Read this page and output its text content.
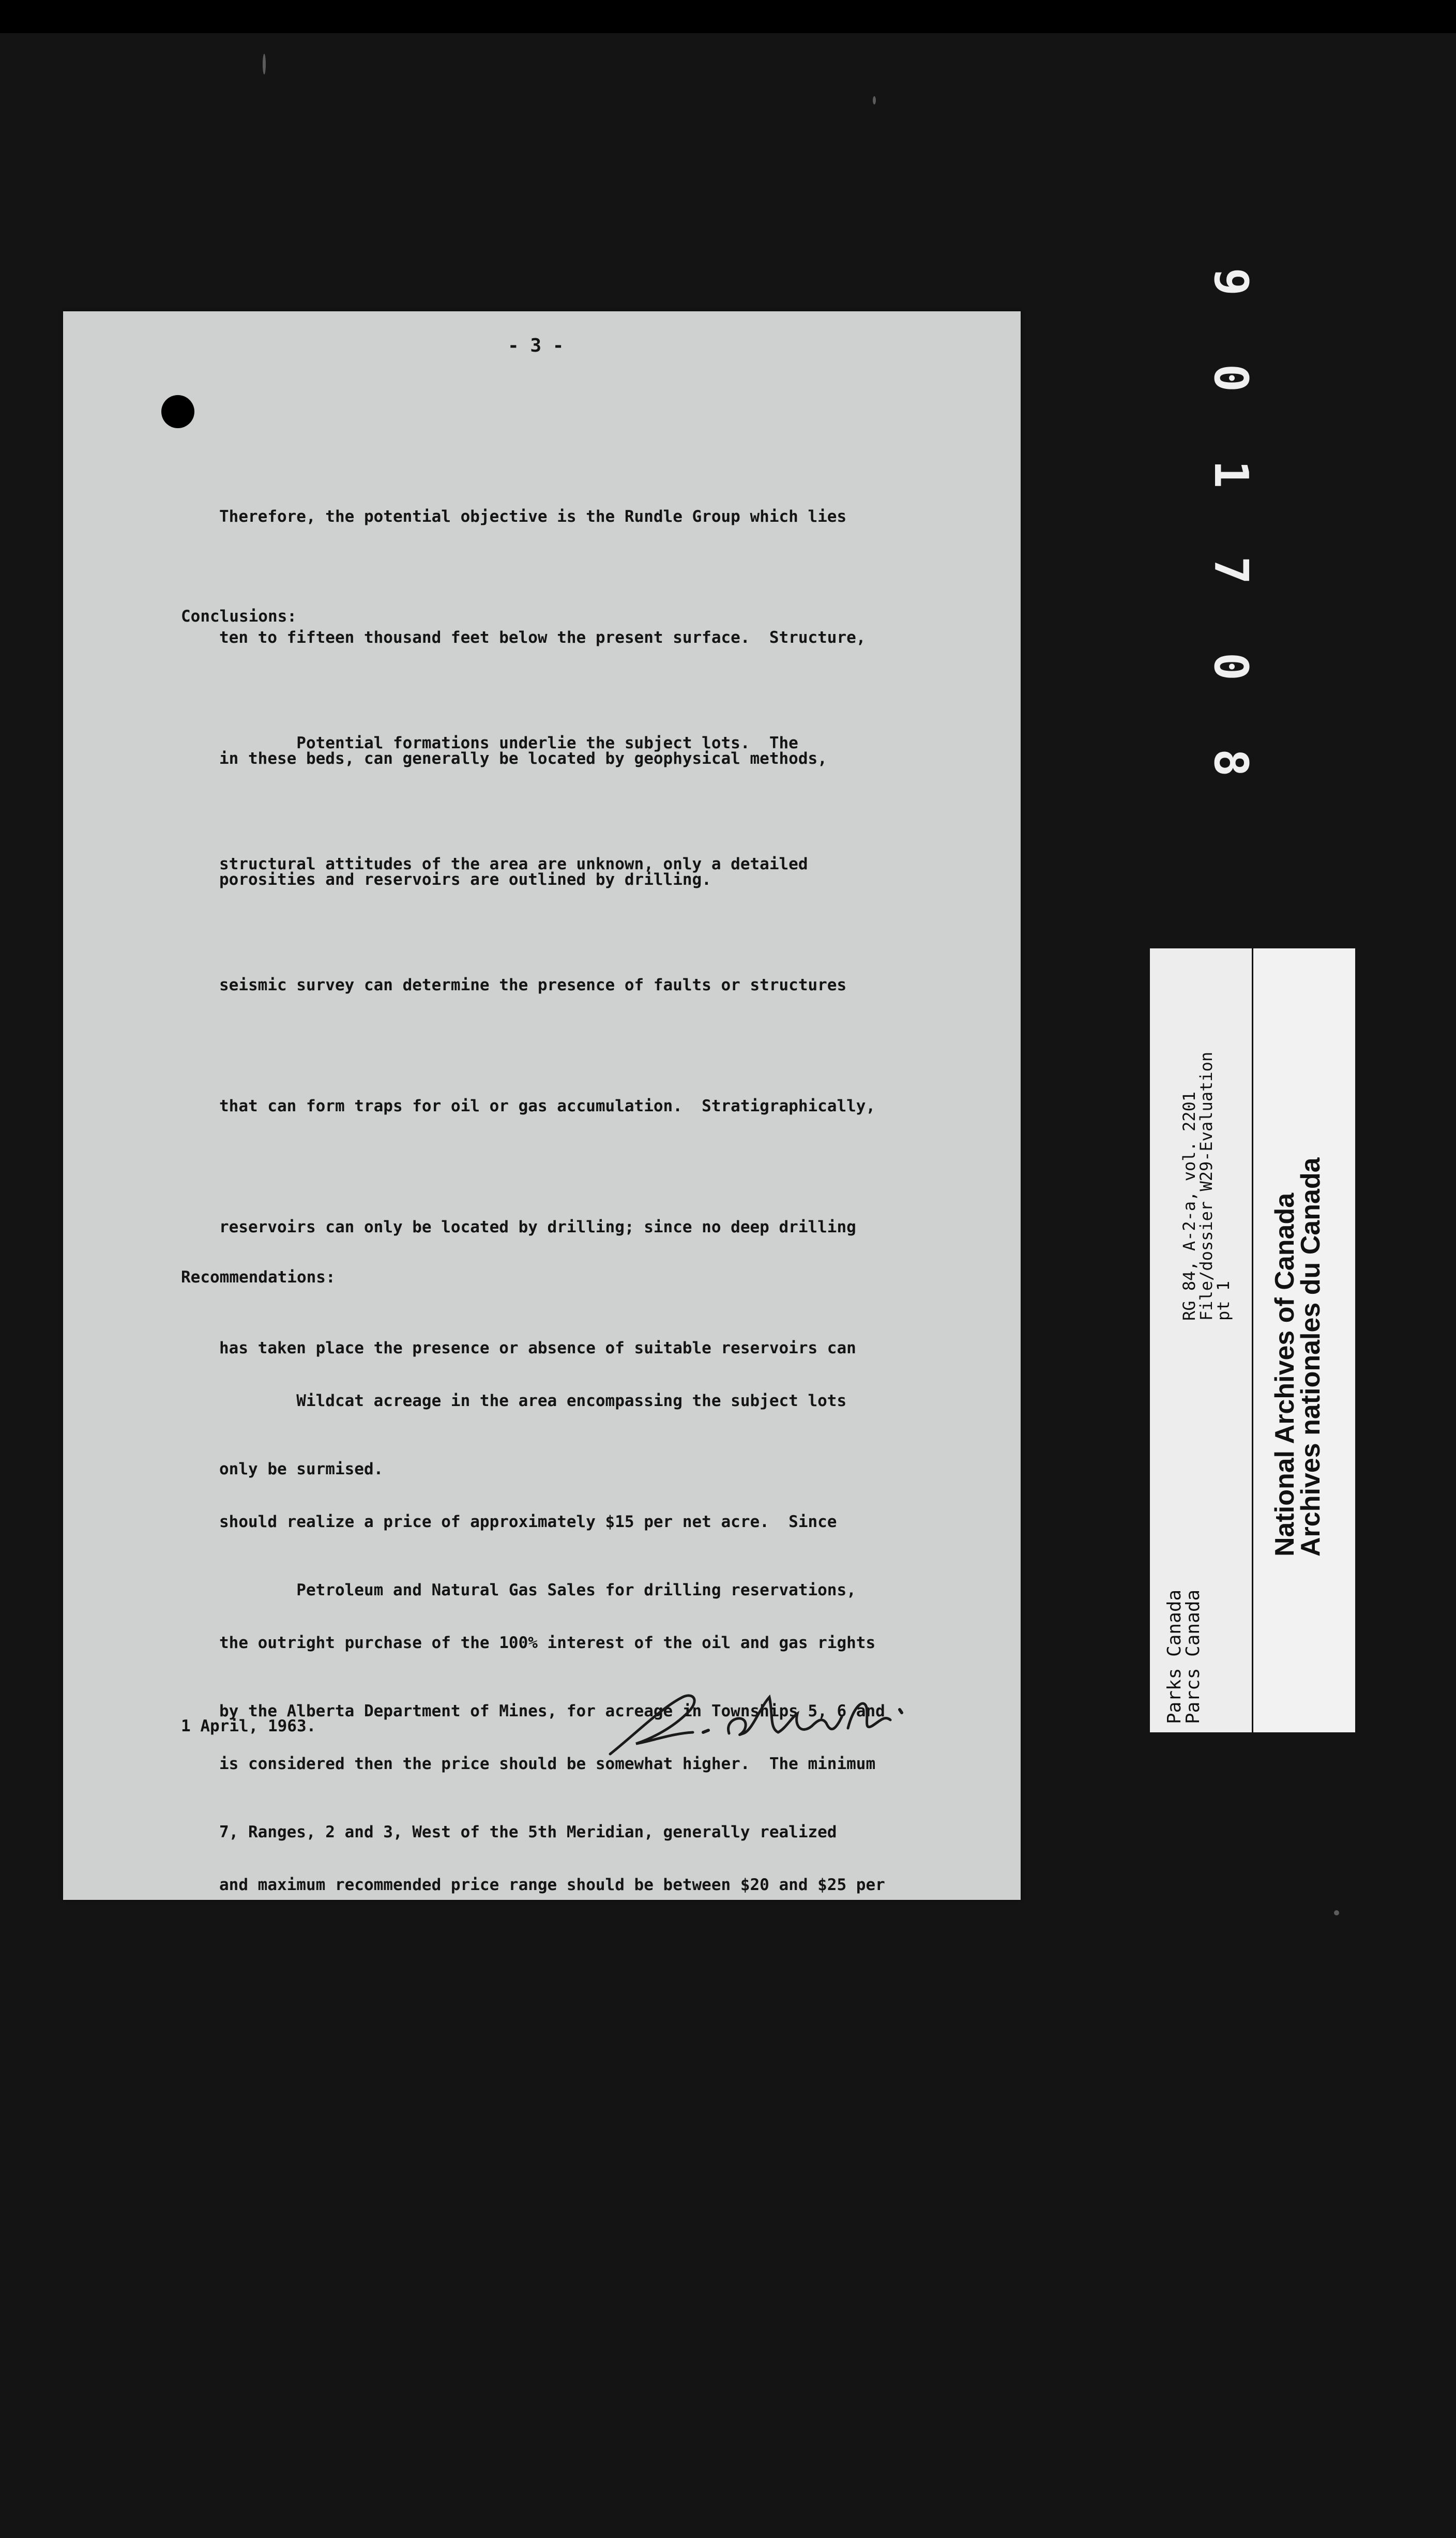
- 3 -

Therefore, the potential objective is the Rundle Group which lies

ten to fifteen thousand feet below the present surface.  Structure,

in these beds, can generally be located by geophysical methods,

porosities and reservoirs are outlined by drilling.

Conclusions:

Potential formations underlie the subject lots.  The

structural attitudes of the area are unknown, only a detailed

seismic survey can determine the presence of faults or structures

that can form traps for oil or gas accumulation.  Stratigraphically,

reservoirs can only be located by drilling; since no deep drilling

has taken place the presence or absence of suitable reservoirs can

only be surmised.

Petroleum and Natural Gas Sales for drilling reservations,

by the Alberta Department of Mines, for acreage in Townships 5, 6 and

7, Ranges, 2 and 3, West of the 5th Meridian, generally realized

about $25 per net acre.  Geologically, size of prospecting area, and

logistically, the area is much more attractive and naturally will

command much higher prices than the subject lots.

There is no evidence that any metallic or coal deposits

can become commercial in this area.

Recommendations:

Wildcat acreage in the area encompassing the subject lots

should realize a price of approximately $15 per net acre.  Since

the outright purchase of the 100% interest of the oil and gas rights

is considered then the price should be somewhat higher.  The minimum

and maximum recommended price range should be between $20 and $25 per

net acre.

Price for this parcel:     Offer:       $ 5.00

Maximum:      10.00

1 April, 1963.
9
0
1
7
0
8
Parks Canada
Parcs Canada
RG 84, A-2-a, vol. 2201
File/dossier W29-Evaluation
pt 1 National Archives of Canada
Archives nationales du Canada
